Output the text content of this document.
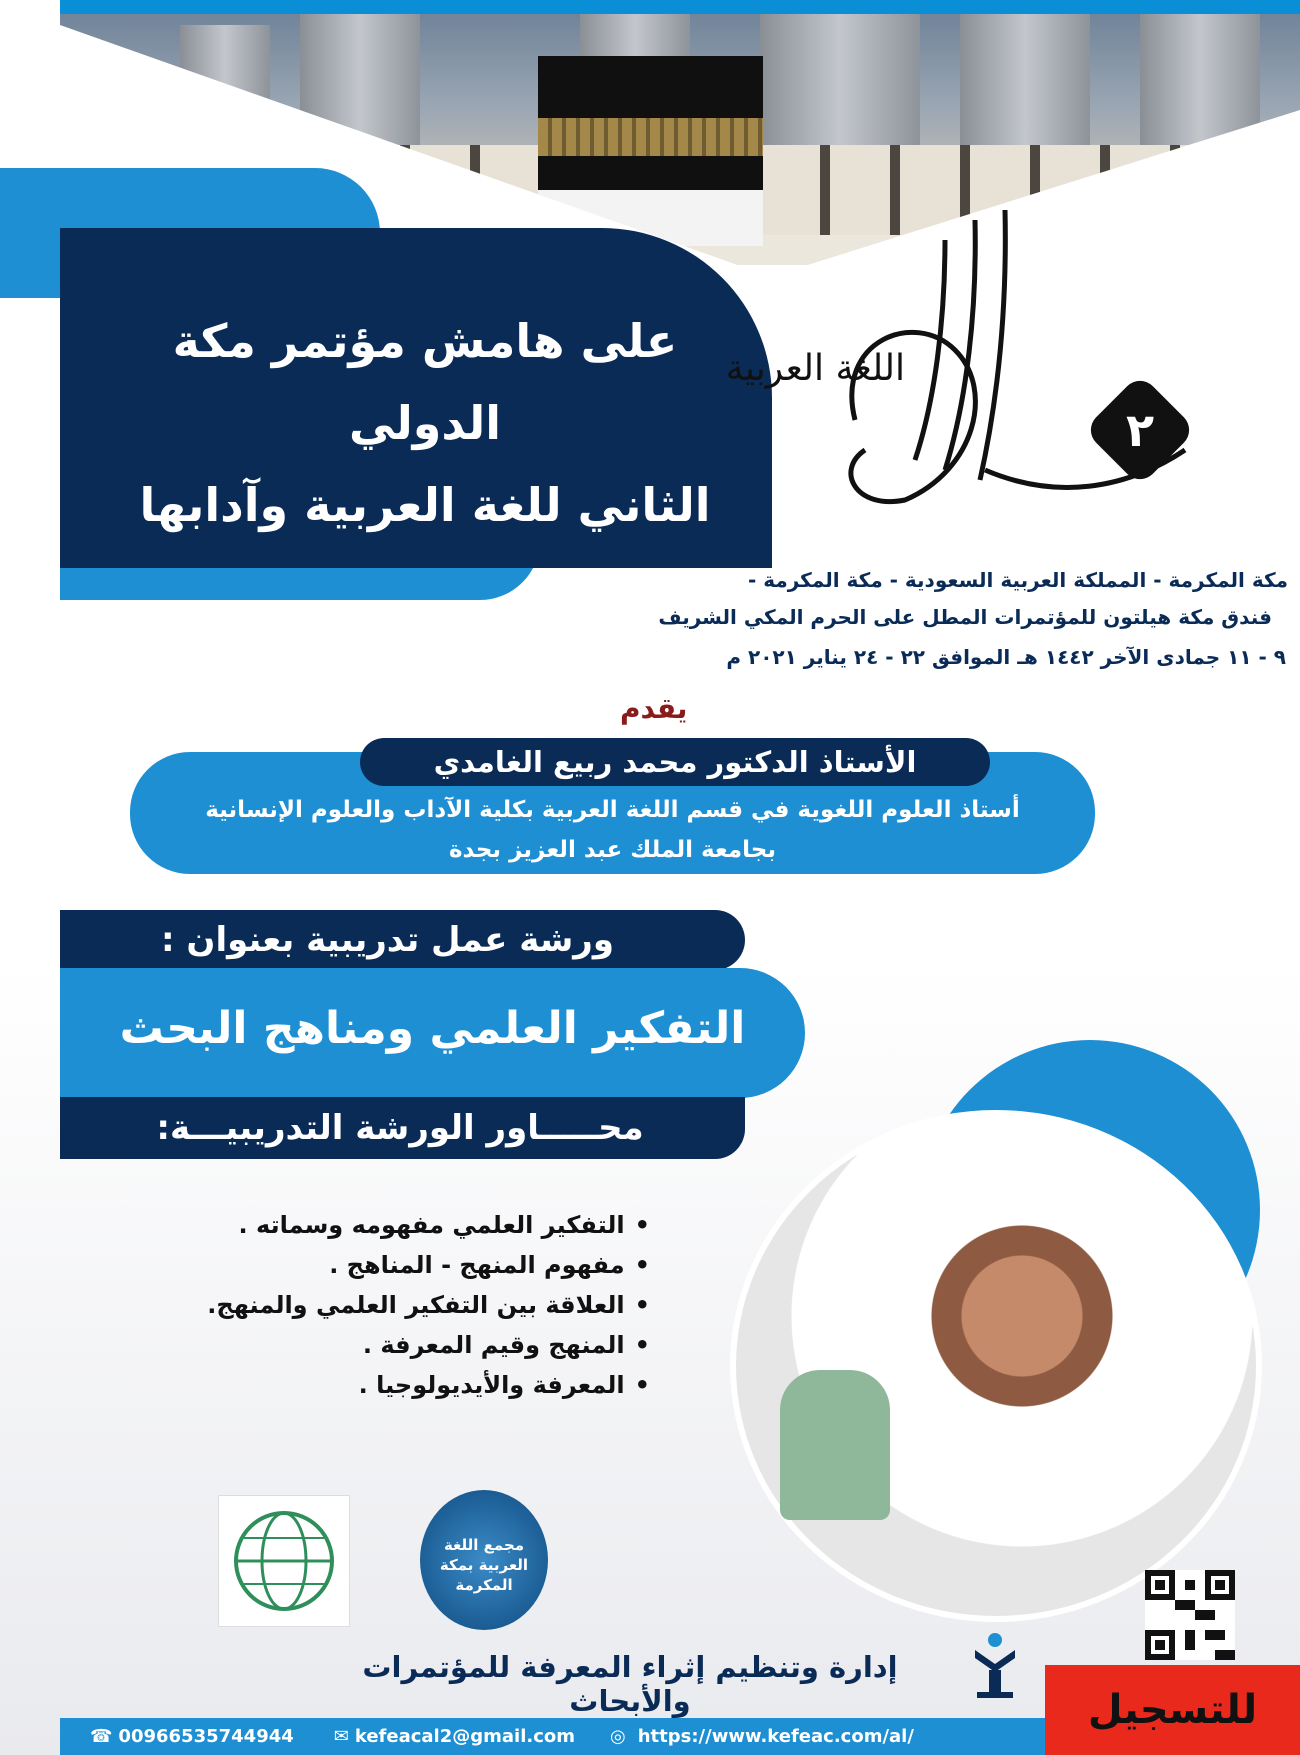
على هامش مؤتمر مكة الدولي
الثاني للغة العربية وآدابها
اللغة العربية
٢
مكة المكرمة - المملكة العربية السعودية - مكة المكرمة -
فندق مكة هيلتون للمؤتمرات المطل على الحرم المكي الشريف
٩ - ١١ جمادى الآخر ١٤٤٢ هـ الموافق ٢٢ - ٢٤ يناير ٢٠٢١ م
يقدم
الأستاذ الدكتور محمد ربيع الغامدي
أستاذ العلوم اللغوية في قسم اللغة العربية بكلية الآداب والعلوم الإنسانية
بجامعة الملك عبد العزيز بجدة
ورشة عمل تدريبية بعنوان :
التفكير العلمي ومناهج البحث
محـــــاور الورشة التدريبيـــة:
• التفكير العلمي مفهومه وسماته .
• مفهوم المنهج - المناهج .
• العلاقة بين التفكير العلمي والمنهج.
• المنهج وقيم المعرفة .
• المعرفة والأيديولوجيا .
مجمع اللغة العربية بمكة المكرمة
إدارة وتنظيم إثراء المعرفة للمؤتمرات والأبحاث	للتسجيل
☎ 00966535744944 ✉ kefeacal2@gmail.com ◎ https://www.kefeac.com/al/
